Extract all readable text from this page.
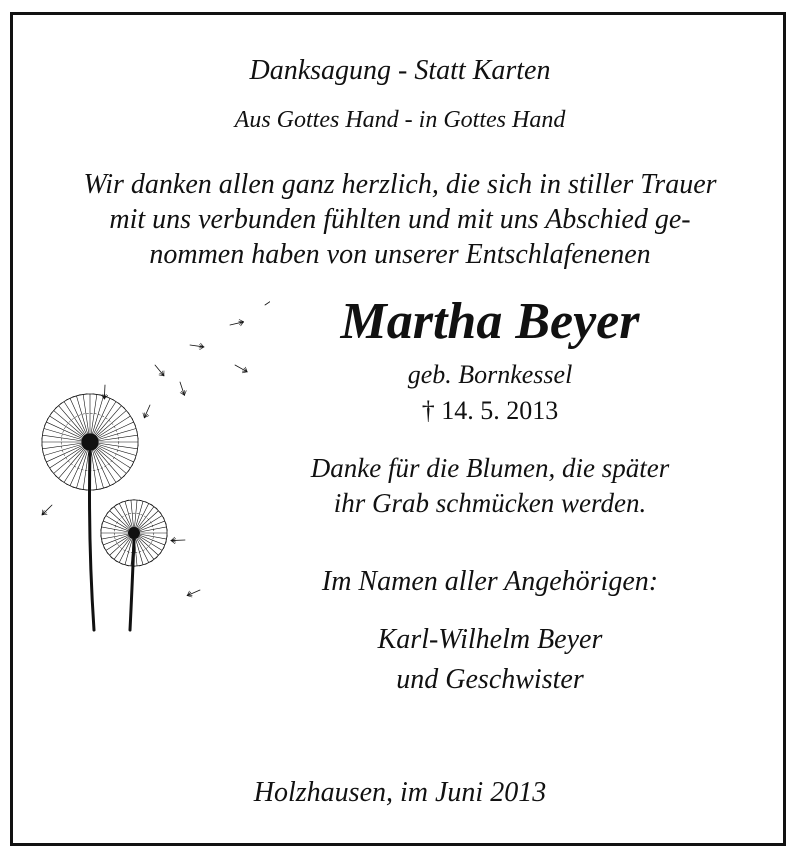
Danksagung - Statt Karten
Aus Gottes Hand - in Gottes Hand
Wir danken allen ganz herzlich, die sich in stiller Trauer
mit uns verbunden fühlten und mit uns Abschied ge-
nommen haben von unserer Entschlafenenen
Martha Beyer
geb. Bornkessel
† 14. 5. 2013
Danke für die Blumen, die später
ihr Grab schmücken werden.
Im Namen aller Angehörigen:
Karl-Wilhelm Beyer
und Geschwister
Holzhausen, im Juni 2013
